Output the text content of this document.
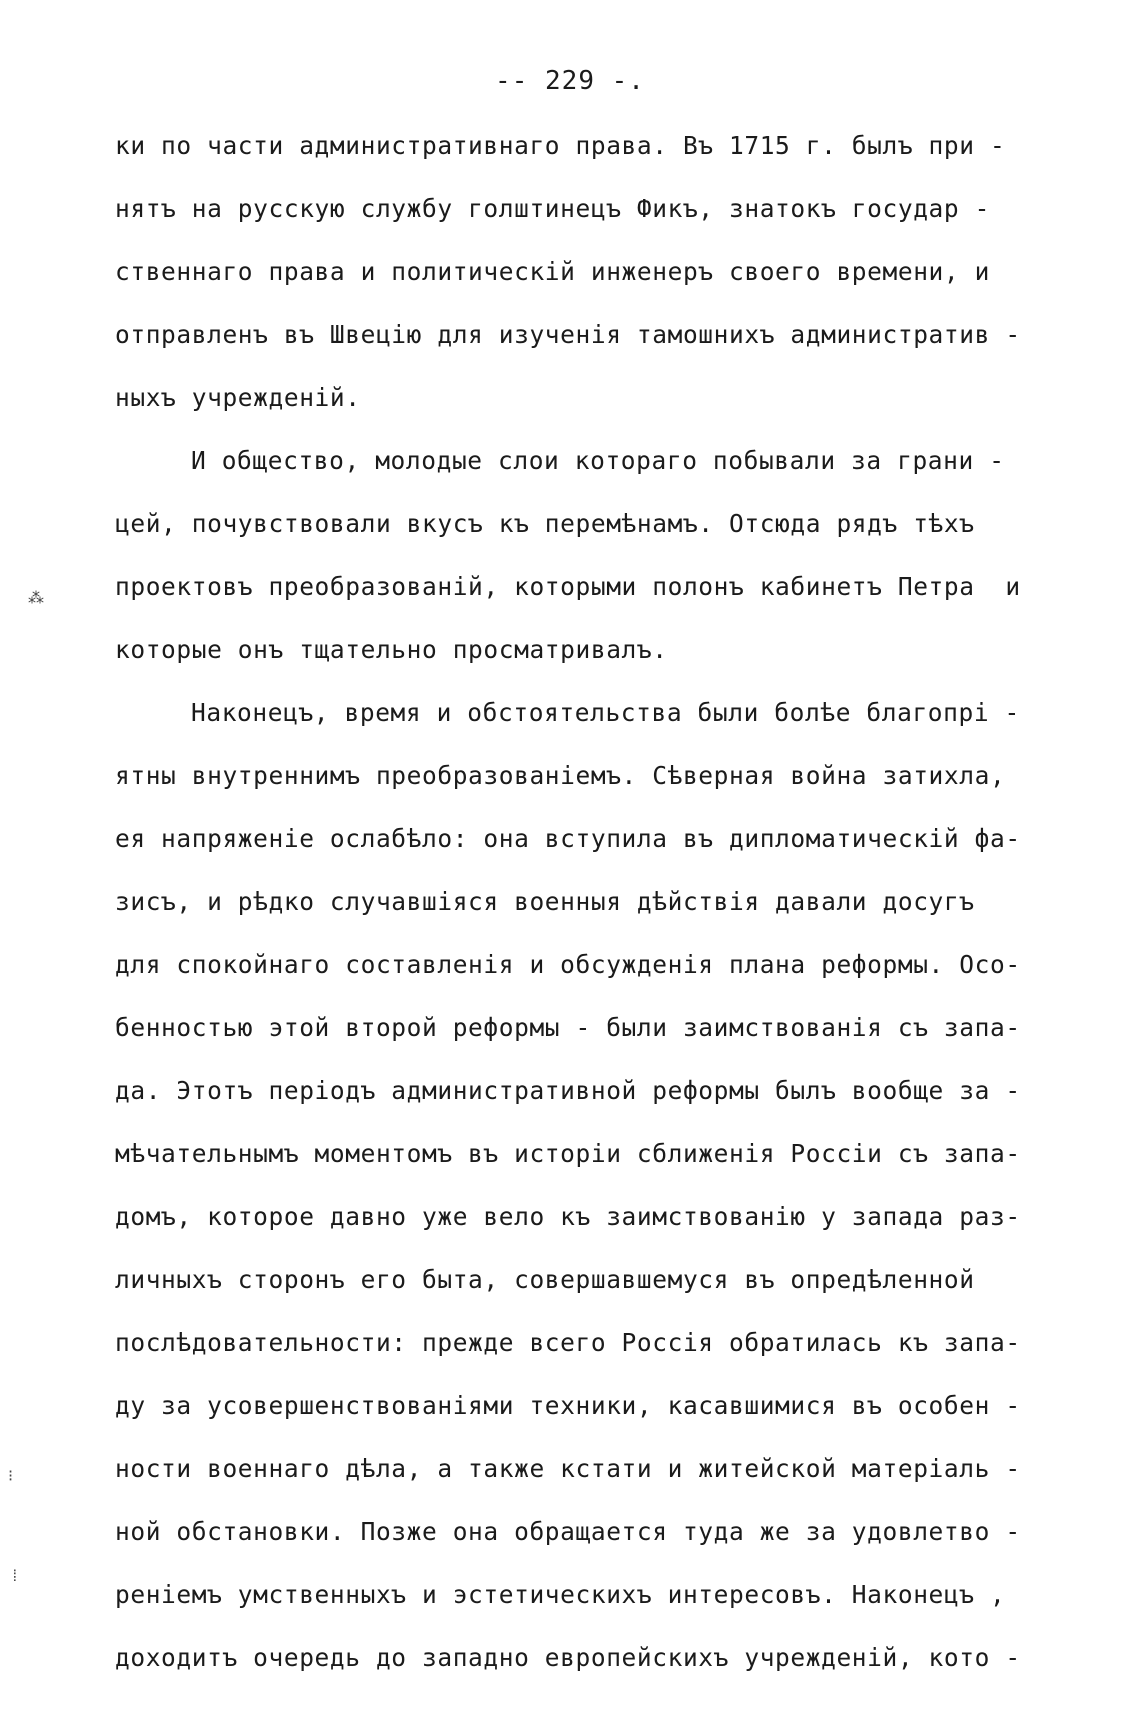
-- 229 -.
ки по части административнаго права. Въ 1715 г. былъ при -
нятъ на русскую службу голштинецъ Фикъ, знатокъ государ -
ственнаго права и политическій инженеръ своего времени, и
отправленъ въ Швецію для изученія тамошнихъ административ -
ныхъ учрежденій.
И общество, молодые слои котораго побывали за грани -
цей, почувствовали вкусъ къ перемѣнамъ. Отсюда рядъ тѣхъ
проектовъ преобразованій, которыми полонъ кабинетъ Петра  и
которые онъ тщательно просматривалъ.
Наконецъ, время и обстоятельства были болѣе благопрі -
ятны внутреннимъ преобразованіемъ. Сѣверная война затихла,
ея напряженіе ослабѣло: она вступила въ дипломатическій фа-
зисъ, и рѣдко случавшіяся военныя дѣйствія давали досугъ
для спокойнаго составленія и обсужденія плана реформы. Осо-
бенностью этой второй реформы - были заимствованія съ запа-
да. Этотъ періодъ административной реформы былъ вообще за -
мѣчательнымъ моментомъ въ исторіи сближенія Россіи съ запа-
домъ, которое давно уже вело къ заимствованію у запада раз-
личныхъ сторонъ его быта, совершавшемуся въ опредѣленной
послѣдовательности: прежде всего Россія обратилась къ запа-
ду за усовершенствованіями техники, касавшимися въ особен -
ности военнаго дѣла, а также кстати и житейской матеріаль -
ной обстановки. Позже она обращается туда же за удовлетво -
реніемъ умственныхъ и эстетическихъ интересовъ. Наконецъ ,
доходитъ очередь до западно европейскихъ учрежденій, кото -
⁂
⁝
⁞
